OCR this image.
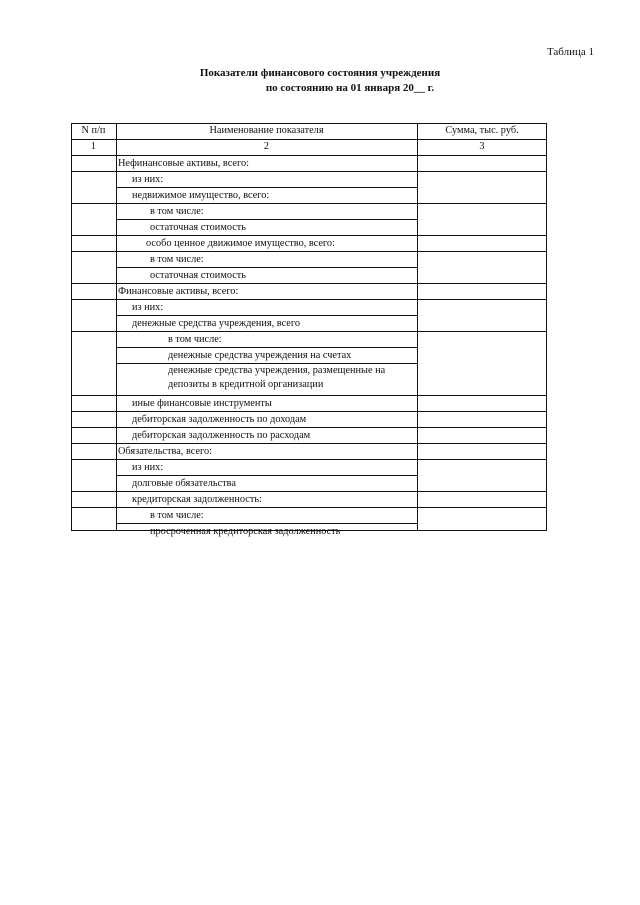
Таблица 1
Показатели финансового состояния учреждения
по состоянию на 01 января 20__ г.
N п/п	Наименование показателя	Сумма, тыс. руб.
1	2	3
Нефинансовые активы, всего:
из них:
недвижимое имущество, всего:
в том числе:
остаточная стоимость
особо ценное движимое имущество, всего:
в том числе:
остаточная стоимость
Финансовые активы, всего:
из них:
денежные средства учреждения, всего
в том числе:
денежные средства учреждения на счетах
денежные средства учреждения, размещенные на депозиты в кредитной организации
иные финансовые инструменты
дебиторская задолженность по доходам
дебиторская задолженность по расходам
Обязательства, всего:
из них:
долговые обязательства
кредиторская задолженность:
в том числе:
просроченная кредиторская задолженность
